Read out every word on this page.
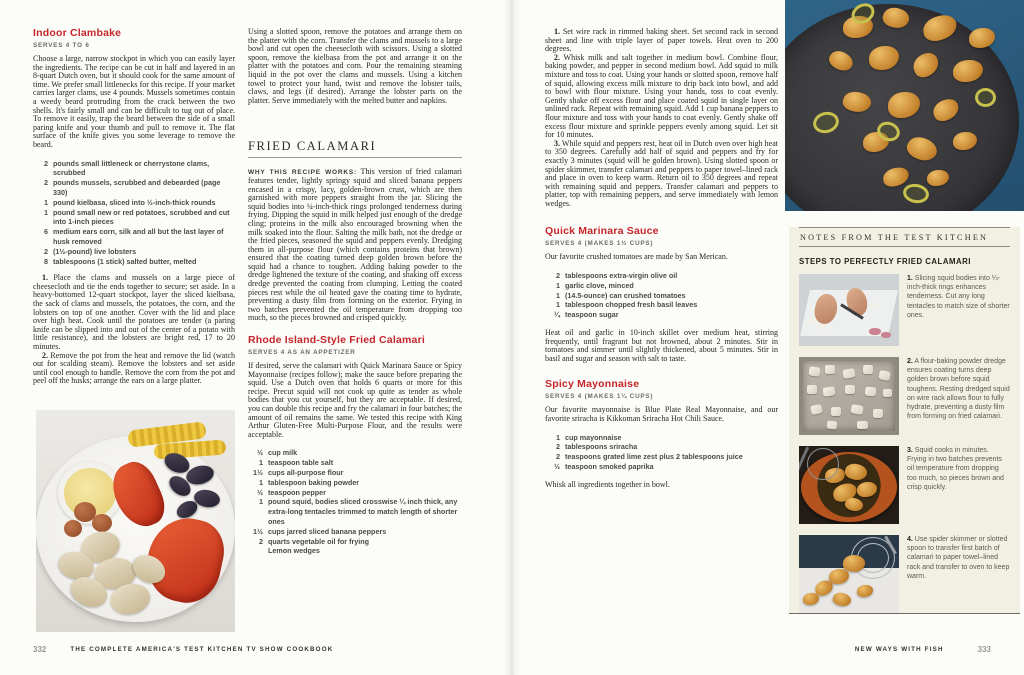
Indoor Clambake
SERVES 4 TO 6

Choose a large, narrow stockpot in which you can easily layer the ingredients. The recipe can be cut in half and layered in an 8-quart Dutch oven, but it should cook for the same amount of time. We prefer small littlenecks for this recipe. If your market carries larger clams, use 4 pounds. Mussels sometimes contain a weedy beard protruding from the crack between the two shells. It's fairly small and can be difficult to tug out of place. To remove it easily, trap the beard between the side of a small paring knife and your thumb and pull to remove it. The flat surface of the knife gives you some leverage to remove the beard.

2 pounds small littleneck or cherrystone clams, scrubbed
2 pounds mussels, scrubbed and debearded (page 330)
1 pound kielbasa, sliced into ½-inch-thick rounds
1 pound small new or red potatoes, scrubbed and cut into 1-inch pieces
6 medium ears corn, silk and all but the last layer of husk removed
2 (1½-pound) live lobsters
8 tablespoons (1 stick) salted butter, melted

1. Place the clams and mussels on a large piece of cheesecloth and tie the ends together to secure; set aside. In a heavy-bottomed 12-quart stockpot, layer the sliced kielbasa, the sack of clams and mussels, the potatoes, the corn, and the lobsters on top of one another. Cover with the lid and place over high heat. Cook until the potatoes are tender (a paring knife can be slipped into and out of the center of a potato with little resistance), and the lobsters are bright red, 17 to 20 minutes.

2. Remove the pot from the heat and remove the lid (watch out for scalding steam). Remove the lobsters and set aside until cool enough to handle. Remove the corn from the pot and peel off the husks; arrange the ears on a large platter.

Using a slotted spoon, remove the potatoes and arrange them on the platter with the corn. Transfer the clams and mussels to a large bowl and cut open the cheesecloth with scissors. Using a slotted spoon, remove the kielbasa from the pot and arrange it on the platter with the potatoes and corn. Pour the remaining steaming liquid in the pot over the clams and mussels. Using a kitchen towel to protect your hand, twist and remove the lobster tails, claws, and legs (if desired). Arrange the lobster parts on the platter. Serve immediately with the melted butter and napkins.

FRIED CALAMARI

WHY THIS RECIPE WORKS: This version of fried calamari features tender, lightly springy squid and sliced banana peppers encased in a crispy, lacy, golden-brown crust, which are then garnished with more peppers straight from the jar. Slicing the squid bodies into ¼-inch-thick rings prolonged tenderness during frying. Dipping the squid in milk helped just enough of the dredge cling; proteins in the milk also encouraged browning when the milk soaked into the flour. Salting the milk bath, not the dredge or the fried pieces, seasoned the squid and peppers evenly. Dredging them in all-purpose flour (which contains proteins that brown) ensured that the coating turned deep golden brown before the squid had a chance to toughen. Adding baking powder to the dredge lightened the texture of the coating, and shaking off excess dredge prevented the coating from clumping. Letting the coated pieces rest while the oil heated gave the coating time to hydrate, preventing a dusty film from forming on the exterior. Frying in two batches prevented the oil temperature from dropping too much, so the pieces browned and crisped quickly.

Rhode Island-Style Fried Calamari
SERVES 4 AS AN APPETIZER

If desired, serve the calamari with Quick Marinara Sauce or Spicy Mayonnaise (recipes follow); make the sauce before preparing the squid. Use a Dutch oven that holds 6 quarts or more for this recipe. Precut squid will not cook up quite as tender as whole bodies that you cut yourself, but they are acceptable. If desired, you can double this recipe and fry the calamari in four batches; the amount of oil remains the same. We tested this recipe with King Arthur Gluten-Free Multi-Purpose Flour, and the results were acceptable.

½ cup milk
1 teaspoon table salt
1½ cups all-purpose flour
1 tablespoon baking powder
½ teaspoon pepper
1 pound squid, bodies sliced crosswise ¼ inch thick, any extra-long tentacles trimmed to match length of shorter ones
1½ cups jarred sliced banana peppers
2 quarts vegetable oil for frying
Lemon wedges

1. Set wire rack in rimmed baking sheet. Set second rack in second sheet and line with triple layer of paper towels. Heat oven to 200 degrees.

2. Whisk milk and salt together in medium bowl. Combine flour, baking powder, and pepper in second medium bowl. Add squid to milk mixture and toss to coat. Using your hands or slotted spoon, remove half of squid, allowing excess milk mixture to drip back into bowl, and add to bowl with flour mixture. Using your hands, toss to coat evenly. Gently shake off excess flour and place coated squid in single layer on unlined rack. Repeat with remaining squid. Add 1 cup banana peppers to flour mixture and toss with your hands to coat evenly. Gently shake off excess flour mixture and sprinkle peppers evenly among squid. Let sit for 10 minutes.

3. While squid and peppers rest, heat oil in Dutch oven over high heat to 350 degrees. Carefully add half of squid and peppers and fry for exactly 3 minutes (squid will be golden brown). Using slotted spoon or spider skimmer, transfer calamari and peppers to paper towel–lined rack and place in oven to keep warm. Return oil to 350 degrees and repeat with remaining squid and peppers. Transfer calamari and peppers to platter, top with remaining peppers, and serve immediately with lemon wedges.

Quick Marinara Sauce
SERVES 4 (MAKES 1½ CUPS)

Our favorite crushed tomatoes are made by San Merican.

2 tablespoons extra-virgin olive oil
1 garlic clove, minced
1 (14.5-ounce) can crushed tomatoes
1 tablespoon chopped fresh basil leaves
¼ teaspoon sugar

Heat oil and garlic in 10-inch skillet over medium heat, stirring frequently, until fragrant but not browned, about 2 minutes. Stir in tomatoes and simmer until slightly thickened, about 5 minutes. Stir in basil and sugar and season with salt to taste.

Spicy Mayonnaise
SERVES 4 (MAKES 1¼ CUPS)

Our favorite mayonnaise is Blue Plate Real Mayonnaise, and our favorite sriracha is Kikkoman Sriracha Hot Chili Sauce.

1 cup mayonnaise
2 tablespoons sriracha
2 teaspoons grated lime zest plus 2 tablespoons juice
½ teaspoon smoked paprika

Whisk all ingredients together in bowl.

NOTES FROM THE TEST KITCHEN
STEPS TO PERFECTLY FRIED CALAMARI

1. Slicing squid bodies into ¼-inch-thick rings enhances tenderness. Cut any long tentacles to match size of shorter ones.

2. A flour-baking powder dredge ensures coating turns deep golden brown before squid toughens. Resting dredged squid on wire rack allows flour to fully hydrate, preventing a dusty film from forming on fried calamari.

3. Squid cooks in minutes. Frying in two batches prevents oil temperature from dropping too much, so pieces brown and crisp quickly.

4. Use spider skimmer or slotted spoon to transfer first batch of calamari to paper towel–lined rack and transfer to oven to keep warm.

332	THE COMPLETE AMERICA'S TEST KITCHEN TV SHOW COOKBOOK	NEW WAYS WITH FISH	333
